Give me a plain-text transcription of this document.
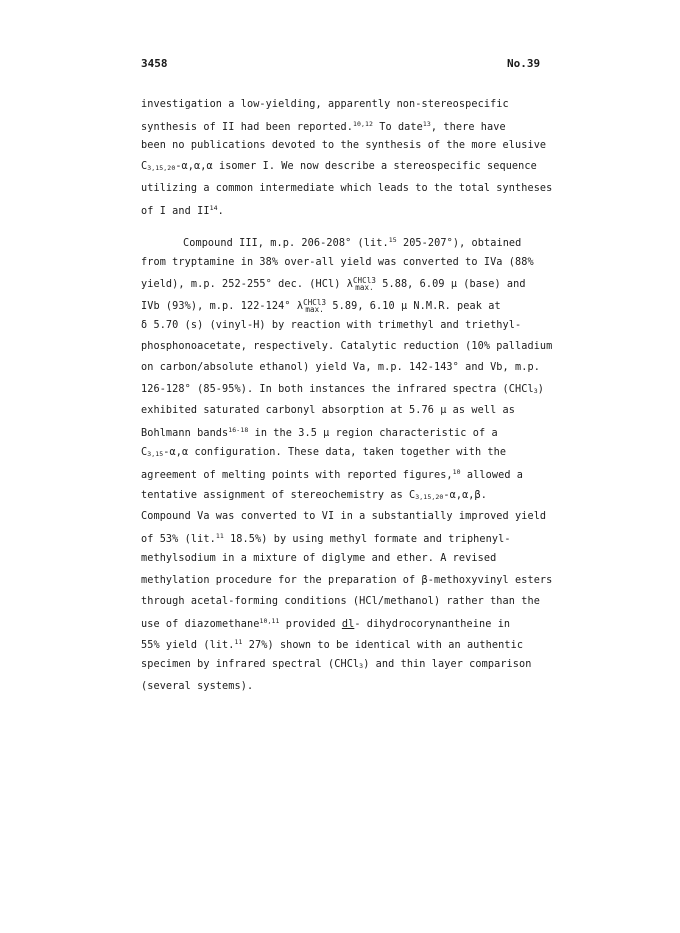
3458	No.39
investigation a low-yielding, apparently non-stereospecific
synthesis of II had been reported.$^{10,12}$ To date$^{13}$, there have
been no publications devoted to the synthesis of the more elusive
$C_{3,15,20}-\alpha,\alpha,\alpha$ isomer I. We now describe a stereospecific sequence
utilizing a common intermediate which leads to the total syntheses
of I and II$^{14}$.
Compound III, m.p. 206-208° (lit.$^{15}$ 205-207°), obtained
from tryptamine in 38% over-all yield was converted to IVa (88%
yield), m.p. 252-255° dec. (HCl) λ CHCl3
max. 5.88, 6.09 μ (base) and
IVb (93%), m.p. 122-124° λ CHCl3
max. 5.89, 6.10 μ N.M.R. peak at
δ 5.70 (s) (vinyl-H) by reaction with trimethyl and triethyl-
phosphonoacetate, respectively. Catalytic reduction (10% palladium
on carbon/absolute ethanol) yield Va, m.p. 142-143° and Vb, m.p.
126-128° (85-95%). In both instances the infrared spectra (CHCl$_3$)
exhibited saturated carbonyl absorption at 5.76 μ as well as
Bohlmann bands$^{16-18}$ in the 3.5 μ region characteristic of a
$C_{3,15}-\alpha,\alpha$ configuration. These data, taken together with the
agreement of melting points with reported figures,$^{10}$ allowed a
tentative assignment of stereochemistry as $C_{3,15,20}-\alpha,\alpha,\beta$.
Compound Va was converted to VI in a substantially improved yield
of 53% (lit.$^{11}$ 18.5%) by using methyl formate and triphenyl-
methylsodium in a mixture of diglyme and ether. A revised
methylation procedure for the preparation of β-methoxyvinyl esters
through acetal-forming conditions (HCl/methanol) rather than the
use of diazomethane$^{10,11}$ provided dl- dihydrocorynantheine in
55% yield (lit.$^{11}$ 27%) shown to be identical with an authentic
specimen by infrared spectral (CHCl$_3$) and thin layer comparison
(several systems).
